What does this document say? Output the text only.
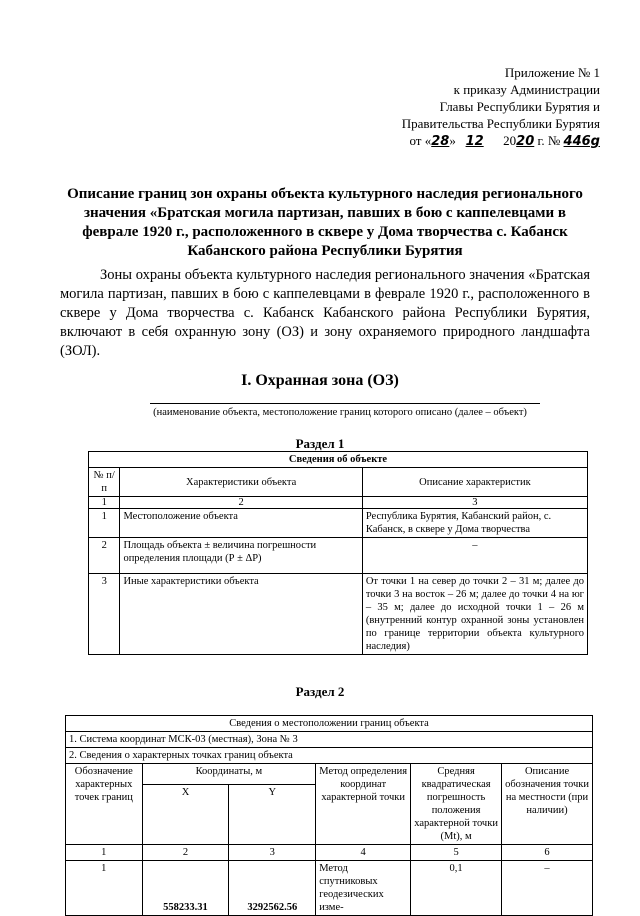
Приложение № 1
к приказу Администрации
Главы Республики Бурятия и
Правительства Республики Бурятия
от «28» 12 2020 г. № 446g
Описание границ зон охраны объекта культурного наследия регионального значения «Братская могила партизан, павших в бою с каппелевцами в феврале 1920 г., расположенного в сквере у Дома творчества с. Кабанск Кабанского района Республики Бурятия
Зоны охраны объекта культурного наследия регионального значения «Братская могила партизан, павших в бою с каппелевцами в феврале 1920 г., расположенного в сквере у Дома творчества с. Кабанск Кабанского района Республики Бурятия, включают в себя охранную зону (ОЗ) и зону охраняемого природного ландшафта (ЗОЛ).
I. Охранная зона (ОЗ)
(наименование объекта, местоположение границ которого описано (далее – объект)
Раздел 1
Сведения об объекте		
№ п/п	Характеристики объекта	Описание характеристик
1	2	3
1	Местоположение объекта	Республика Бурятия, Кабанский район, с. Кабанск, в сквере у Дома творчества
2	Площадь объекта ± величина погрешности определения площади (Р ± ΔР)	–
3	Иные характеристики объекта	От точки 1 на север до точки 2 – 31 м; далее до точки 3 на восток – 26 м; далее до точки 4 на юг – 35 м; далее до исходной точки 1 – 26 м (внутренний контур охранной зоны установлен по границе территории объекта культурного наследия)
Раздел 2
Сведения о местоположении границ объекта					
1. Система координат МСК-03 (местная), Зона № 3					
2. Сведения о характерных точках границ объекта					
Обозначение характерных точек границ	Координаты, м		Метод определения координат характерной точки	Средняя квадратическая погрешность положения характерной точки (Mt), м	Описание обозначения точки на местности (при наличии)
	X	Y			
1	2	3	4	5	6
1	558233.31	3292562.56	Метод спутниковых геодезических изме-	0,1	–
